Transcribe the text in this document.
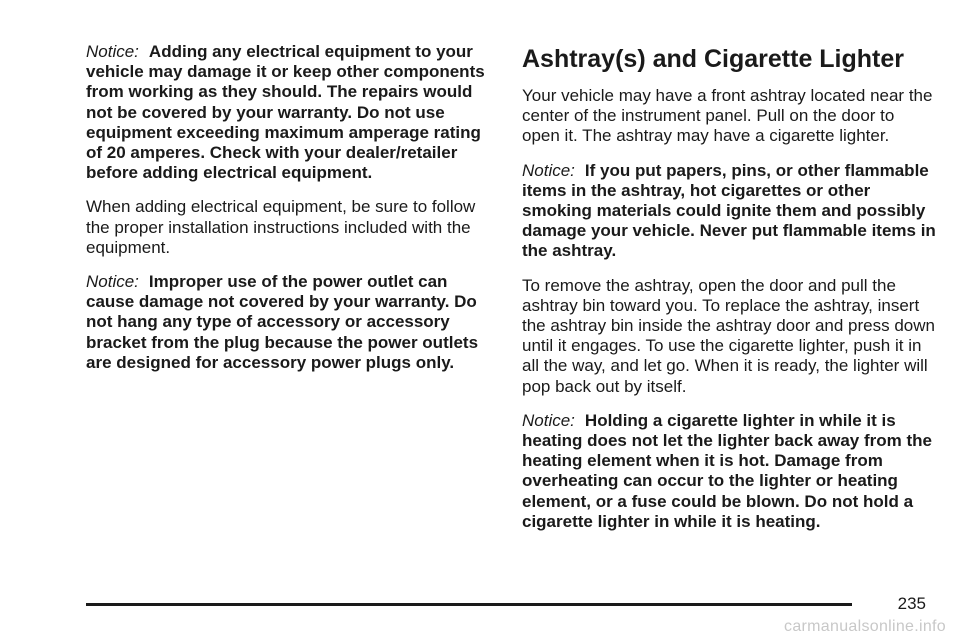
Notice: Adding any electrical equipment to your vehicle may damage it or keep other components from working as they should. The repairs would not be covered by your warranty. Do not use equipment exceeding maximum amperage rating of 20 amperes. Check with your dealer/retailer before adding electrical equipment.

When adding electrical equipment, be sure to follow the proper installation instructions included with the equipment.

Notice: Improper use of the power outlet can cause damage not covered by your warranty. Do not hang any type of accessory or accessory bracket from the plug because the power outlets are designed for accessory power plugs only.

Ashtray(s) and Cigarette Lighter

Your vehicle may have a front ashtray located near the center of the instrument panel. Pull on the door to open it. The ashtray may have a cigarette lighter.

Notice: If you put papers, pins, or other flammable items in the ashtray, hot cigarettes or other smoking materials could ignite them and possibly damage your vehicle. Never put flammable items in the ashtray.

To remove the ashtray, open the door and pull the ashtray bin toward you. To replace the ashtray, insert the ashtray bin inside the ashtray door and press down until it engages. To use the cigarette lighter, push it in all the way, and let go. When it is ready, the lighter will pop back out by itself.

Notice: Holding a cigarette lighter in while it is heating does not let the lighter back away from the heating element when it is hot. Damage from overheating can occur to the lighter or heating element, or a fuse could be blown. Do not hold a cigarette lighter in while it is heating.

235
carmanualsonline.info
